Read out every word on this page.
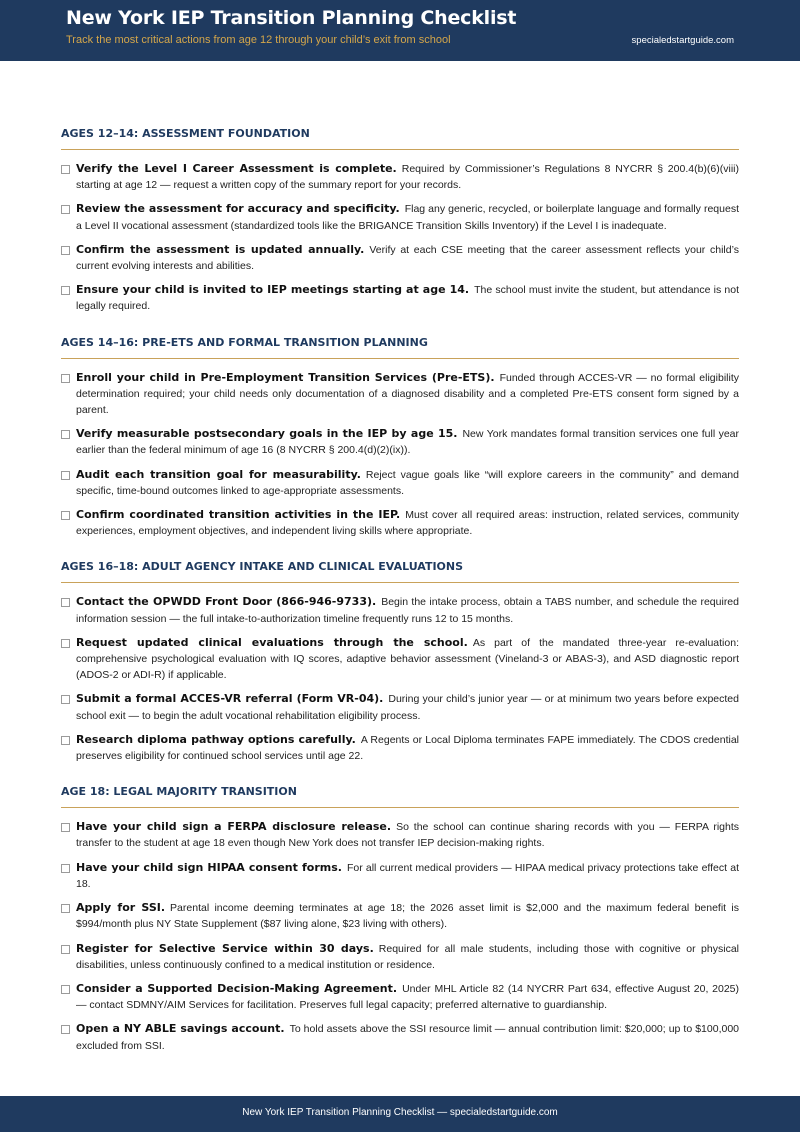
New York IEP Transition Planning Checklist
Track the most critical actions from age 12 through your child’s exit from school	specialedstartguide.com
AGES 12–14: ASSESSMENT FOUNDATION
Verify the Level I Career Assessment is complete. Required by Commissioner’s Regulations 8 NYCRR § 200.4(b)(6)(viii) starting at age 12 — request a written copy of the summary report for your records.
Review the assessment for accuracy and specificity. Flag any generic, recycled, or boilerplate language and formally request a Level II vocational assessment (standardized tools like the BRIGANCE Transition Skills Inventory) if the Level I is inadequate.
Confirm the assessment is updated annually. Verify at each CSE meeting that the career assessment reflects your child’s current evolving interests and abilities.
Ensure your child is invited to IEP meetings starting at age 14. The school must invite the student, but attendance is not legally required.
AGES 14–16: PRE-ETS AND FORMAL TRANSITION PLANNING
Enroll your child in Pre-Employment Transition Services (Pre-ETS). Funded through ACCES-VR — no formal eligibility determination required; your child needs only documentation of a diagnosed disability and a completed Pre-ETS consent form signed by a parent.
Verify measurable postsecondary goals in the IEP by age 15. New York mandates formal transition services one full year earlier than the federal minimum of age 16 (8 NYCRR § 200.4(d)(2)(ix)).
Audit each transition goal for measurability. Reject vague goals like “will explore careers in the community” and demand specific, time-bound outcomes linked to age-appropriate assessments.
Confirm coordinated transition activities in the IEP. Must cover all required areas: instruction, related services, community experiences, employment objectives, and independent living skills where appropriate.
AGES 16–18: ADULT AGENCY INTAKE AND CLINICAL EVALUATIONS
Contact the OPWDD Front Door (866-946-9733). Begin the intake process, obtain a TABS number, and schedule the required information session — the full intake-to-authorization timeline frequently runs 12 to 15 months.
Request updated clinical evaluations through the school. As part of the mandated three-year re-evaluation: comprehensive psychological evaluation with IQ scores, adaptive behavior assessment (Vineland-3 or ABAS-3), and ASD diagnostic report (ADOS-2 or ADI-R) if applicable.
Submit a formal ACCES-VR referral (Form VR-04). During your child’s junior year — or at minimum two years before expected school exit — to begin the adult vocational rehabilitation eligibility process.
Research diploma pathway options carefully. A Regents or Local Diploma terminates FAPE immediately. The CDOS credential preserves eligibility for continued school services until age 22.
AGE 18: LEGAL MAJORITY TRANSITION
Have your child sign a FERPA disclosure release. So the school can continue sharing records with you — FERPA rights transfer to the student at age 18 even though New York does not transfer IEP decision-making rights.
Have your child sign HIPAA consent forms. For all current medical providers — HIPAA medical privacy protections take effect at 18.
Apply for SSI. Parental income deeming terminates at age 18; the 2026 asset limit is $2,000 and the maximum federal benefit is $994/month plus NY State Supplement ($87 living alone, $23 living with others).
Register for Selective Service within 30 days. Required for all male students, including those with cognitive or physical disabilities, unless continuously confined to a medical institution or residence.
Consider a Supported Decision-Making Agreement. Under MHL Article 82 (14 NYCRR Part 634, effective August 20, 2025) — contact SDMNY/AIM Services for facilitation. Preserves full legal capacity; preferred alternative to guardianship.
Open a NY ABLE savings account. To hold assets above the SSI resource limit — annual contribution limit: $20,000; up to $100,000 excluded from SSI.
New York IEP Transition Planning Checklist — specialedstartguide.com
